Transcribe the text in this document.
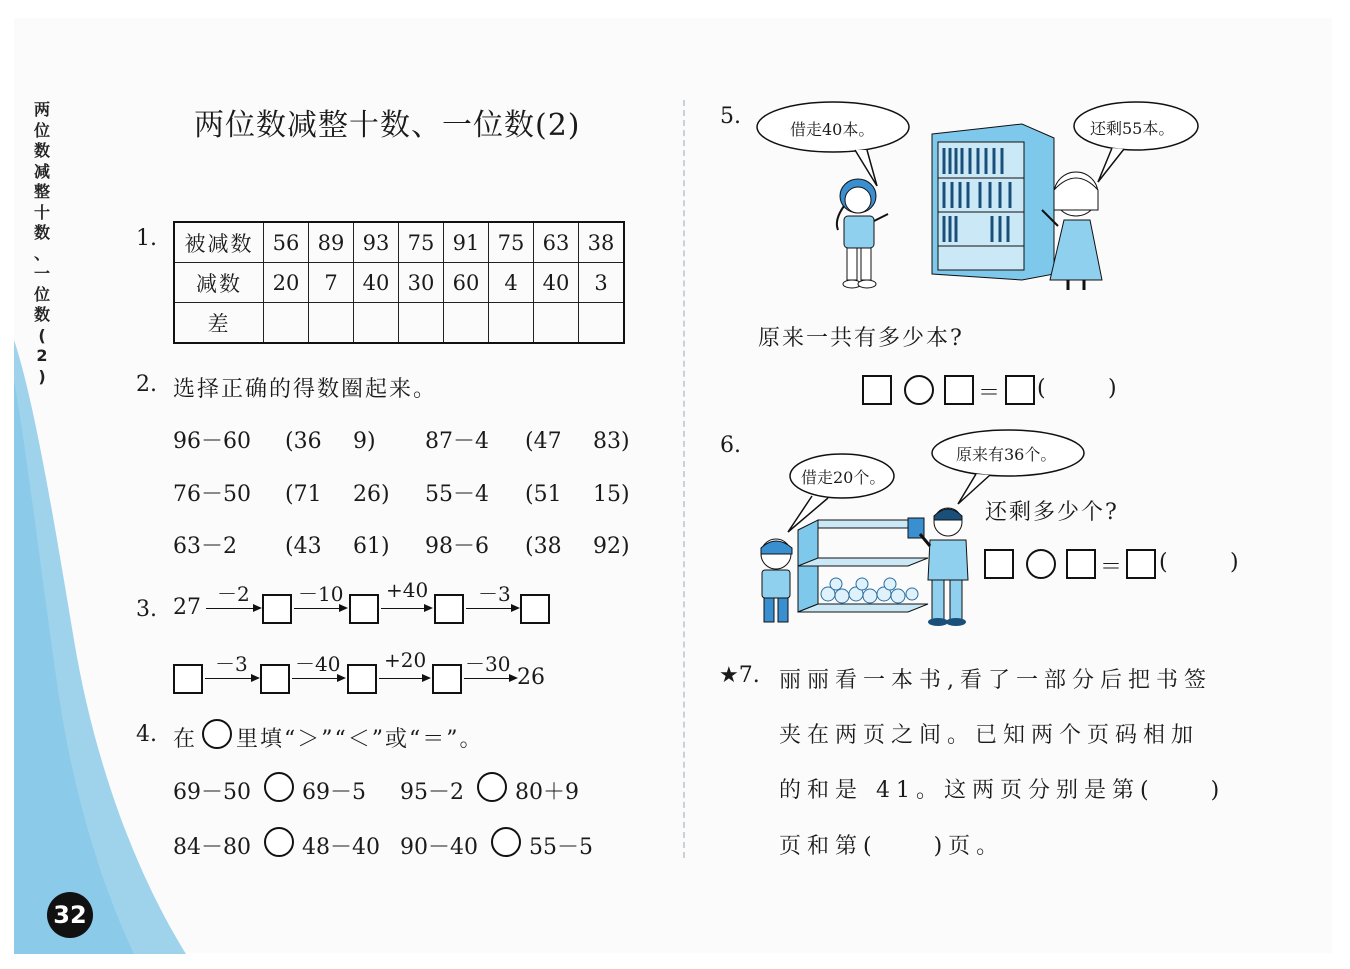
两
位
数
减
整
十
数
、
一
位
数
(
2
)
32
两位数减整十数、一位数(2)
1. 被减数	56	89	93	75	91	75	63	38
减数	20	7	40	30	60	4	40	3
差								
2. 选择正确的得数圈起来。
96－60 (36 9) 87－4 (47 83)
76－50 (71 26) 55－4 (51 15)
63－2 (43 61) 98－6 (38 92)
3. 27
－2 －10 +40 －3
－3 －40 +20 －30
26
4. 在 里填“＞”“＜”或“＝”。
69－50 69－5 95－2 80＋9
84－80 48－40 90－40 55－5
5.
借走40本。	还剩55本。
原来一共有多少本?
＝ (	)
6.	原来有36个。
借走20个。
还剩多少个?
＝ (	)
★7. 丽丽看一本书,看了一部分后把书签
夹在两页之间。已知两个页码相加
的和是 41。这两页分别是第(　　)
页和第(　　)页。
